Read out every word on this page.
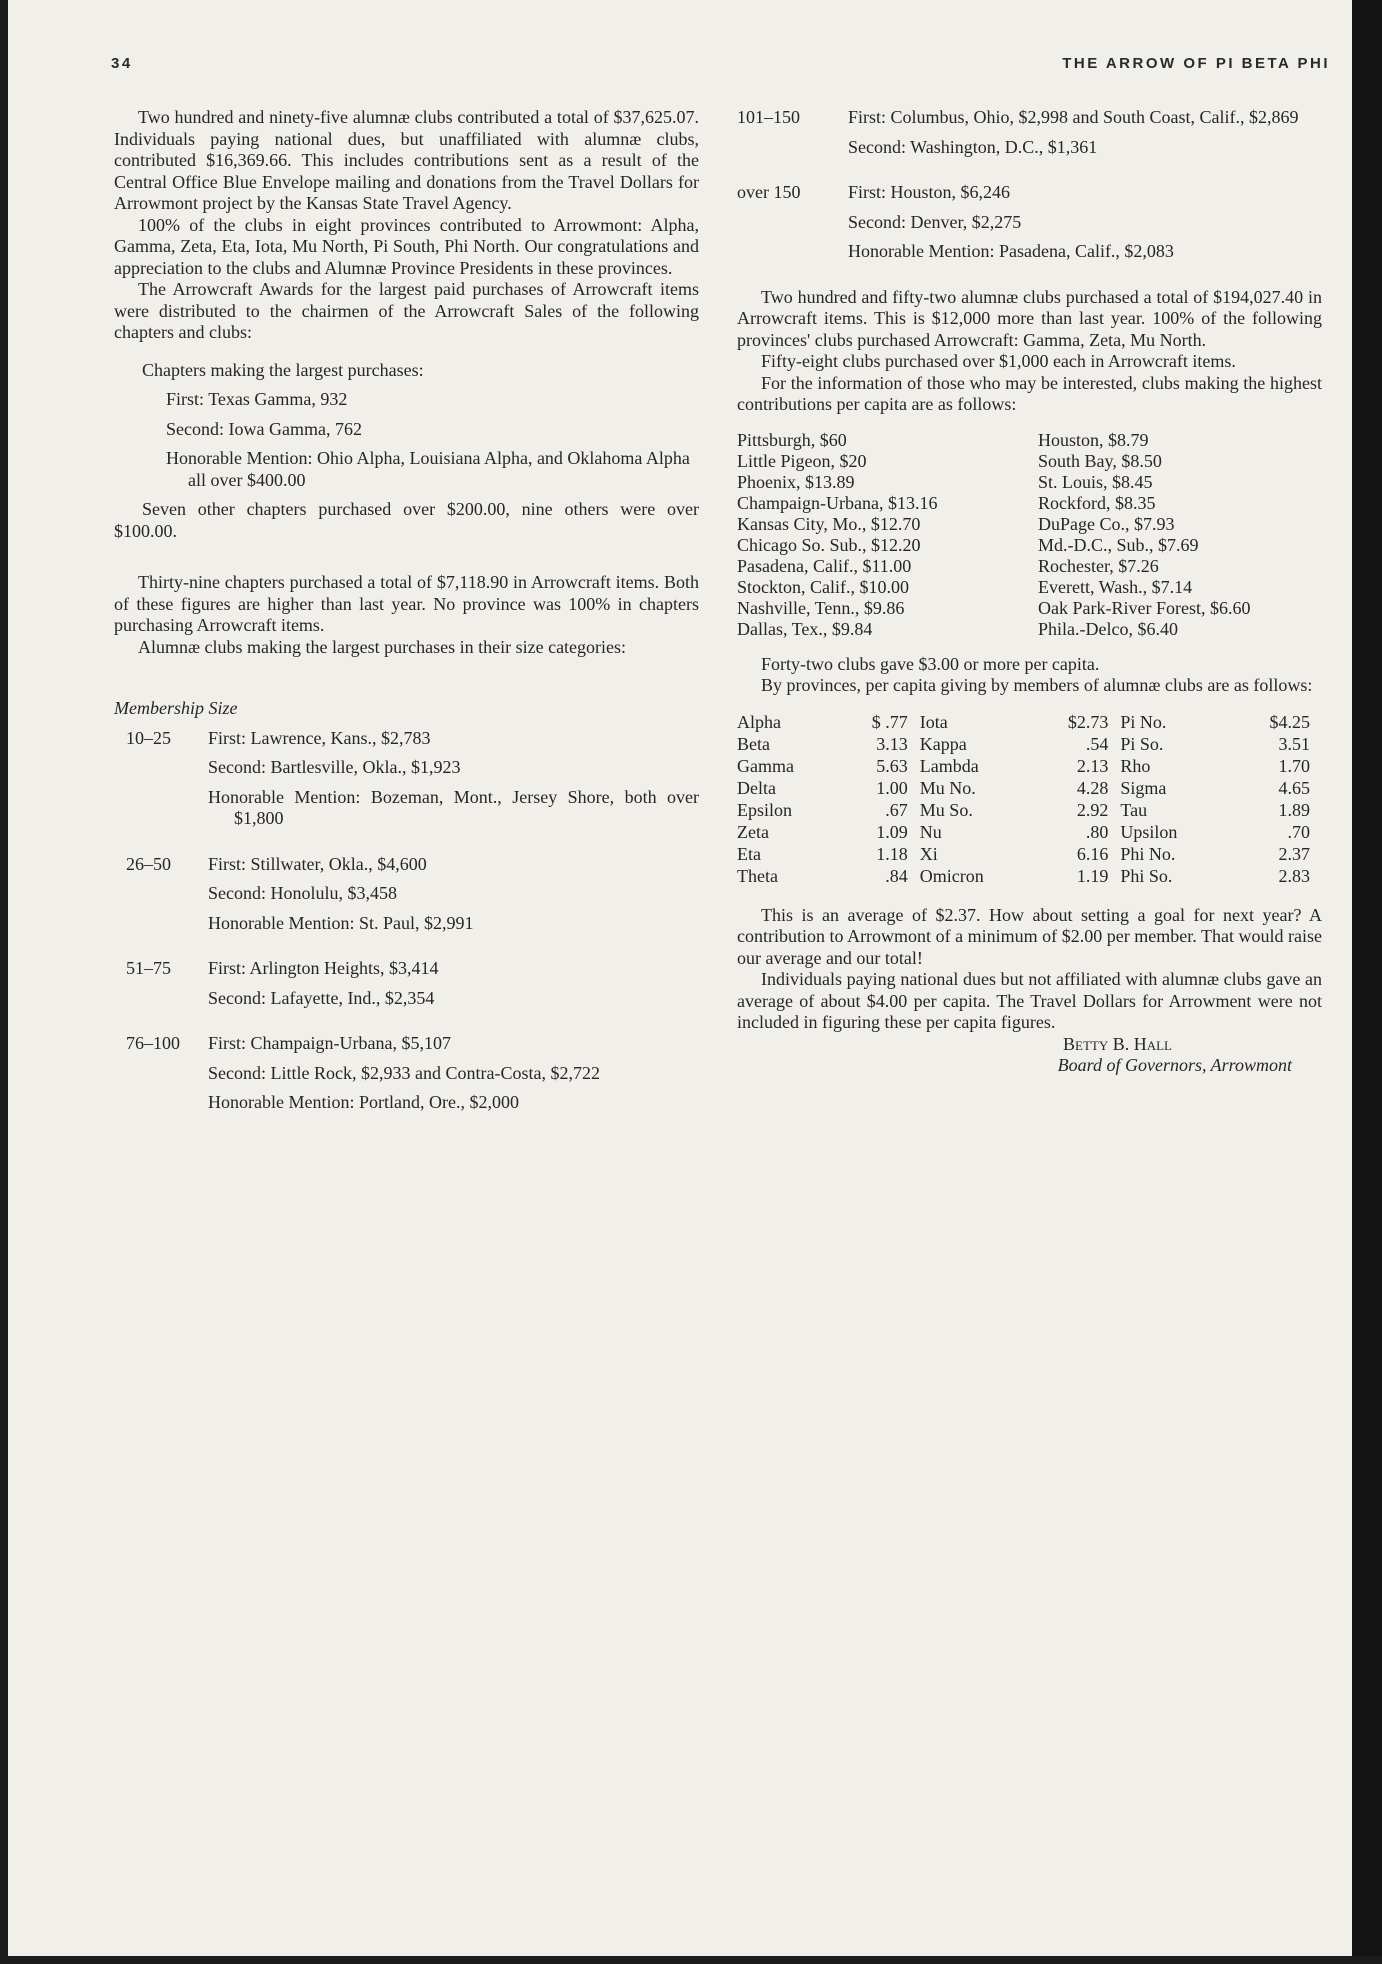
34	THE ARROW OF PI BETA PHI

Two hundred and ninety-five alumnæ clubs contributed a total of $37,625.07. Individuals paying national dues, but unaffiliated with alumnæ clubs, contributed $16,369.66. This includes contributions sent as a result of the Central Office Blue Envelope mailing and donations from the Travel Dollars for Arrowmont project by the Kansas State Travel Agency.

100% of the clubs in eight provinces contributed to Arrowmont: Alpha, Gamma, Zeta, Eta, Iota, Mu North, Pi South, Phi North. Our congratulations and appreciation to the clubs and Alumnæ Province Presidents in these provinces.

The Arrowcraft Awards for the largest paid purchases of Arrowcraft items were distributed to the chairmen of the Arrowcraft Sales of the following chapters and clubs:

Chapters making the largest purchases:
First: Texas Gamma, 932
Second: Iowa Gamma, 762
Honorable Mention: Ohio Alpha, Louisiana Alpha, and Oklahoma Alpha all over $400.00

Seven other chapters purchased over $200.00, nine others were over $100.00.

Thirty-nine chapters purchased a total of $7,118.90 in Arrowcraft items. Both of these figures are higher than last year. No province was 100% in chapters purchasing Arrowcraft items.

Alumnæ clubs making the largest purchases in their size categories:

Membership Size
10–25	First: Lawrence, Kans., $2,783
Second: Bartlesville, Okla., $1,923
Honorable Mention: Bozeman, Mont., Jersey Shore, both over $1,800
26–50	First: Stillwater, Okla., $4,600
Second: Honolulu, $3,458
Honorable Mention: St. Paul, $2,991
51–75	First: Arlington Heights, $3,414
Second: Lafayette, Ind., $2,354
76–100	First: Champaign-Urbana, $5,107
Second: Little Rock, $2,933 and Contra-Costa, $2,722
Honorable Mention: Portland, Ore., $2,000
101–150	First: Columbus, Ohio, $2,998 and South Coast, Calif., $2,869
Second: Washington, D.C., $1,361
over 150	First: Houston, $6,246
Second: Denver, $2,275
Honorable Mention: Pasadena, Calif., $2,083

Two hundred and fifty-two alumnæ clubs purchased a total of $194,027.40 in Arrowcraft items. This is $12,000 more than last year. 100% of the following provinces' clubs purchased Arrowcraft: Gamma, Zeta, Mu North.

Fifty-eight clubs purchased over $1,000 each in Arrowcraft items.

For the information of those who may be interested, clubs making the highest contributions per capita are as follows:

Pittsburgh, $60	Houston, $8.79
Little Pigeon, $20	South Bay, $8.50
Phoenix, $13.89	St. Louis, $8.45
Champaign-Urbana, $13.16	Rockford, $8.35
Kansas City, Mo., $12.70	DuPage Co., $7.93
Chicago So. Sub., $12.20	Md.-D.C., Sub., $7.69
Pasadena, Calif., $11.00	Rochester, $7.26
Stockton, Calif., $10.00	Everett, Wash., $7.14
Nashville, Tenn., $9.86	Oak Park-River Forest, $6.60
Dallas, Tex., $9.84	Phila.-Delco, $6.40

Forty-two clubs gave $3.00 or more per capita.

By provinces, per capita giving by members of alumnæ clubs are as follows:

Alpha	$ .77	Iota	$2.73	Pi No.	$4.25
Beta	3.13	Kappa	.54	Pi So.	3.51
Gamma	5.63	Lambda	2.13	Rho	1.70
Delta	1.00	Mu No.	4.28	Sigma	4.65
Epsilon	.67	Mu So.	2.92	Tau	1.89
Zeta	1.09	Nu	.80	Upsilon	.70
Eta	1.18	Xi	6.16	Phi No.	2.37
Theta	.84	Omicron	1.19	Phi So.	2.83

This is an average of $2.37. How about setting a goal for next year? A contribution to Arrowmont of a minimum of $2.00 per member. That would raise our average and our total!

Individuals paying national dues but not affiliated with alumnæ clubs gave an average of about $4.00 per capita. The Travel Dollars for Arrowment were not included in figuring these per capita figures.

Betty B. Hall
Board of Governors, Arrowmont
